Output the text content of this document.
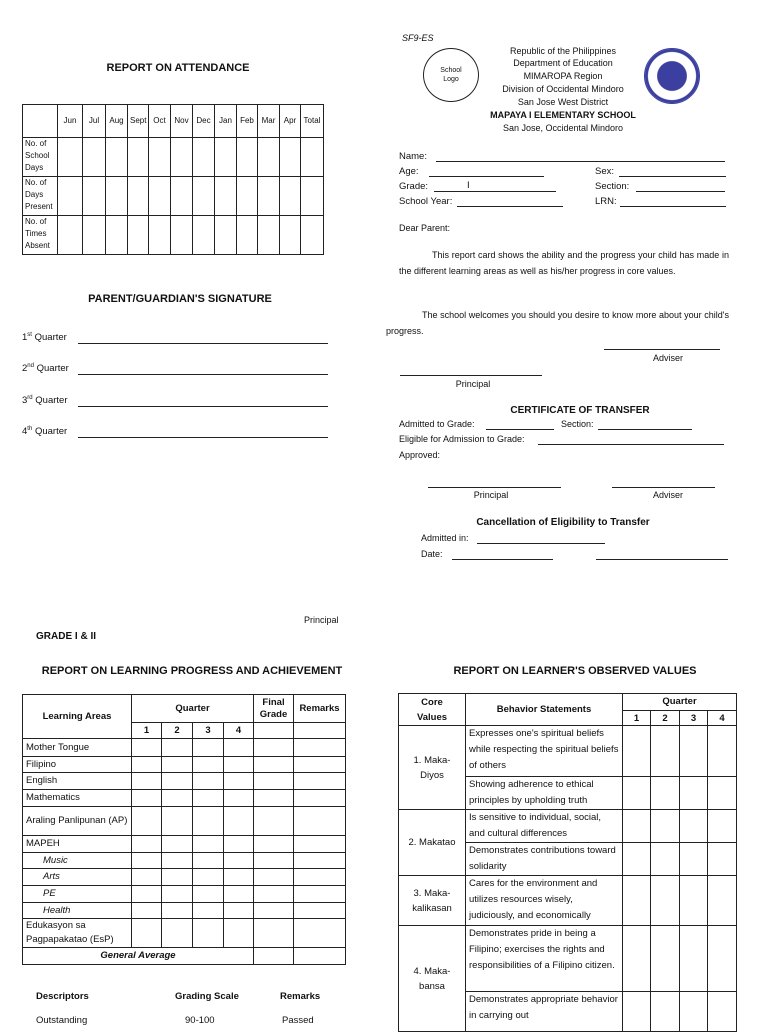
REPORT ON ATTENDANCE
	Jun	Jul	Aug	Sept	Oct	Nov	Dec	Jan	Feb	Mar	Apr	Total
No. of School Days												
No. of Days Present												
No. of Times Absent												
PARENT/GUARDIAN'S SIGNATURE
1st Quarter
2nd Quarter
3rd Quarter
4th Quarter
SF9-ES
School Logo
Republic of the Philippines
Department of Education
MIMAROPA Region
Division of Occidental Mindoro
San Jose West District
MAPAYA I ELEMENTARY SCHOOL
San Jose, Occidental Mindoro
Name:
Age:	Sex:
Grade:	I	Section:
School Year:	LRN:
Dear Parent:
This report card shows the ability and the progress your child has made in the different learning areas as well as his/her progress in core values.
The school welcomes you should you desire to know more about your child's progress.
Adviser
Principal
CERTIFICATE OF TRANSFER
Admitted to Grade:	Section:
Eligible for Admission to Grade:
Approved:
Principal	Adviser
Cancellation of Eligibility to Transfer
Admitted in:
Date:
Principal
GRADE I & II
REPORT ON LEARNING PROGRESS AND ACHIEVEMENT
Learning Areas	Quarter				Final Grade	Remarks
	1	2	3	4		
Mother Tongue						
Filipino						
English						
Mathematics						
Araling Panlipunan (AP)						
MAPEH						
Music						
Arts						
PE						
Health						
Edukasyon sa Pagpapakatao (EsP)						
General Average						
Descriptors	Grading Scale	Remarks
Outstanding	90-100	Passed
REPORT ON LEARNER'S OBSERVED VALUES
Core Values	Behavior Statements	Quarter			
		1	2	3	4
1. Maka-Diyos	Expresses one's spiritual beliefs while respecting the spiritual beliefs of others				
	Showing adherence to ethical principles by upholding truth				
2. Makatao	Is sensitive to individual, social, and cultural differences				
	Demonstrates contributions toward solidarity				
3. Maka-kalikasan	Cares for the environment and utilizes resources wisely, judiciously, and economically				
4. Maka-bansa	Demonstrates pride in being a Filipino; exercises the rights and responsibilities of a Filipino citizen.				
	Demonstrates appropriate behavior in carrying out				
